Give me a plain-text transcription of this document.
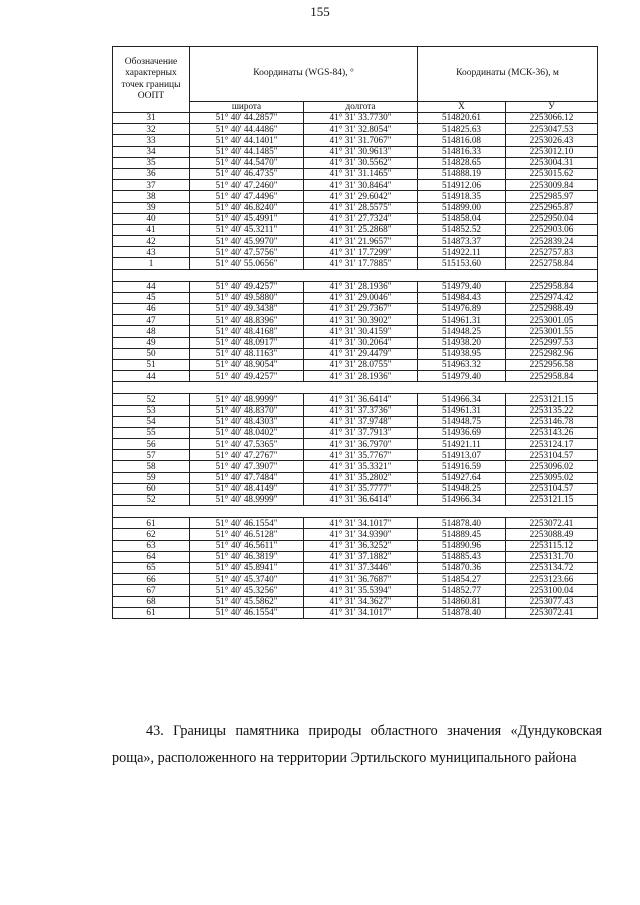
155
Обозначение характерных точек границы ООПТ	Координаты (WGS-84), °		Координаты (МСК-36), м	
	широта	долгота	X	У
31	51° 40' 44.2857"	41° 31' 33.7730"	514820.61	2253066.12
32	51° 40' 44.4486"	41° 31' 32.8054"	514825.63	2253047.53
33	51° 40' 44.1401"	41° 31' 31.7067"	514816.08	2253026.43
34	51° 40' 44.1485"	41° 31' 30.9613"	514816.33	2253012.10
35	51° 40' 44.5470"	41° 31' 30.5562"	514828.65	2253004.31
36	51° 40' 46.4735"	41° 31' 31.1465"	514888.19	2253015.62
37	51° 40' 47.2460"	41° 31' 30.8464"	514912.06	2253009.84
38	51° 40' 47.4496"	41° 31' 29.6042"	514918.35	2252985.97
39	51° 40' 46.8240"	41° 31' 28.5575"	514899.00	2252965.87
40	51° 40' 45.4991"	41° 31' 27.7324"	514858.04	2252950.04
41	51° 40' 45.3211"	41° 31' 25.2868"	514852.52	2252903.06
42	51° 40' 45.9970"	41° 31' 21.9657"	514873.37	2252839.24
43	51° 40' 47.5756"	41° 31' 17.7299"	514922.11	2252757.83
1	51° 40' 55.0656"	41° 31' 17.7885"	515153.60	2252758.84

44	51° 40' 49.4257"	41° 31' 28.1936"	514979.40	2252958.84
45	51° 40' 49.5880"	41° 31' 29.0046"	514984.43	2252974.42
46	51° 40' 49.3438"	41° 31' 29.7367"	514976.89	2252988.49
47	51° 40' 48.8396"	41° 31' 30.3902"	514961.31	2253001.05
48	51° 40' 48.4168"	41° 31' 30.4159"	514948.25	2253001.55
49	51° 40' 48.0917"	41° 31' 30.2064"	514938.20	2252997.53
50	51° 40' 48.1163"	41° 31' 29.4479"	514938.95	2252982.96
51	51° 40' 48.9054"	41° 31' 28.0755"	514963.32	2252956.58
44	51° 40' 49.4257"	41° 31' 28.1936"	514979.40	2252958.84

52	51° 40' 48.9999"	41° 31' 36.6414"	514966.34	2253121.15
53	51° 40' 48.8370"	41° 31' 37.3736"	514961.31	2253135.22
54	51° 40' 48.4303"	41° 31' 37.9748"	514948.75	2253146.78
55	51° 40' 48.0402"	41° 31' 37.7913"	514936.69	2253143.26
56	51° 40' 47.5365"	41° 31' 36.7970"	514921.11	2253124.17
57	51° 40' 47.2767"	41° 31' 35.7767"	514913.07	2253104.57
58	51° 40' 47.3907"	41° 31' 35.3321"	514916.59	2253096.02
59	51° 40' 47.7484"	41° 31' 35.2802"	514927.64	2253095.02
60	51° 40' 48.4149"	41° 31' 35.7777"	514948.25	2253104.57
52	51° 40' 48.9999"	41° 31' 36.6414"	514966.34	2253121.15

61	51° 40' 46.1554"	41° 31' 34.1017"	514878.40	2253072.41
62	51° 40' 46.5128"	41° 31' 34.9390"	514889.45	2253088.49
63	51° 40' 46.5611"	41° 31' 36.3252"	514890.96	2253115.12
64	51° 40' 46.3819"	41° 31' 37.1882"	514885.43	2253131.70
65	51° 40' 45.8941"	41° 31' 37.3446"	514870.36	2253134.72
66	51° 40' 45.3740"	41° 31' 36.7687"	514854.27	2253123.66
67	51° 40' 45.3256"	41° 31' 35.5394"	514852.77	2253100.04
68	51° 40' 45.5862"	41° 31' 34.3627"	514860.81	2253077.43
61	51° 40' 46.1554"	41° 31' 34.1017"	514878.40	2253072.41
43. Границы памятника природы областного значения «Дундуковская роща», расположенного на территории Эртильского муниципального района
